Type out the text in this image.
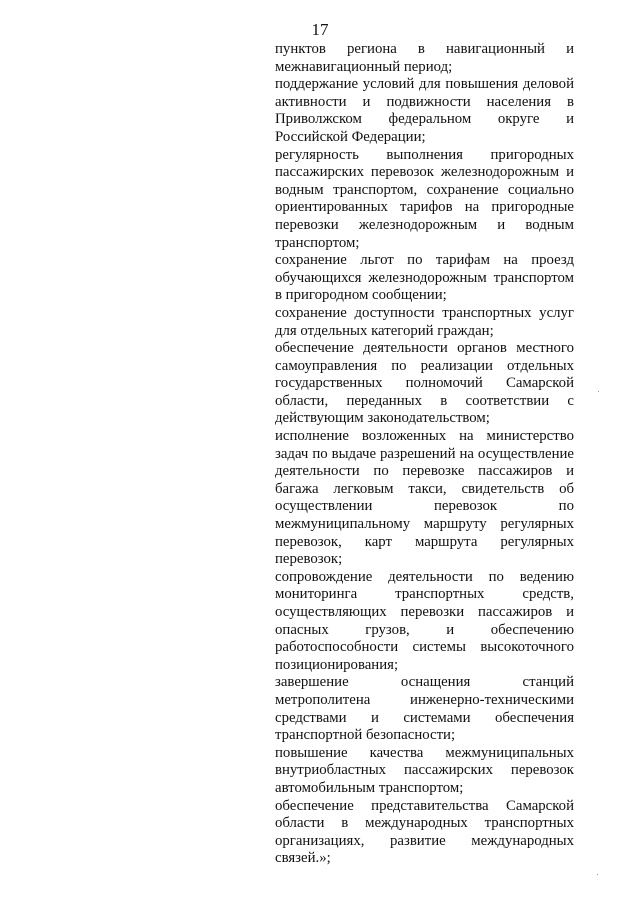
17

пунктов региона в навигационный и межнавигационный период;

поддержание условий для повышения деловой активности и подвижности населения в Приволжском федеральном округе и Российской Федерации;

регулярность выполнения пригородных пассажирских перевозок железнодорожным и водным транспортом, сохранение социально ориентированных тарифов на пригородные перевозки железнодорожным и водным транспортом;

сохранение льгот по тарифам на проезд обучающихся железнодорожным транспортом в пригородном сообщении;

сохранение доступности транспортных услуг для отдельных категорий граждан;

обеспечение деятельности органов местного самоуправления по реализации отдельных государственных полномочий Самарской области, переданных в соответствии с действующим законодательством;

исполнение возложенных на министерство задач по выдаче разрешений на осуществление деятельности по перевозке пассажиров и багажа легковым такси, свидетельств об осуществлении перевозок по межмуниципальному маршруту регулярных перевозок, карт маршрута регулярных перевозок;

сопровождение деятельности по ведению мониторинга транспортных средств, осуществляющих перевозки пассажиров и опасных грузов, и обеспечению работоспособности системы высокоточного позиционирования;

завершение оснащения станций метрополитена инженерно-техническими средствами и системами обеспечения транспортной безопасности;

повышение качества межмуниципальных внутриобластных пассажирских перевозок автомобильным транспортом;

обеспечение представительства Самарской области в международных транспортных организациях, развитие международных связей.»;
